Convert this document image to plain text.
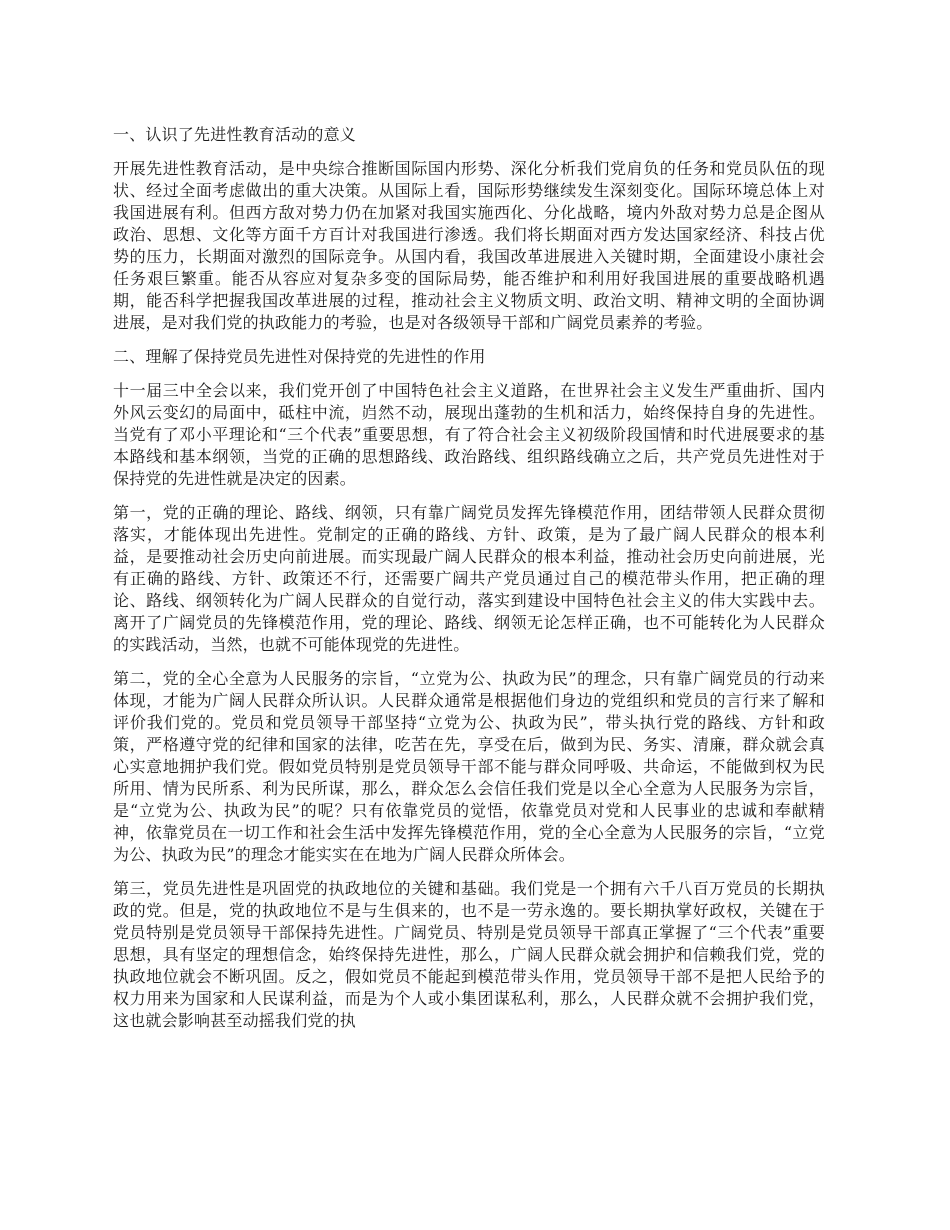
一、认识了先进性教育活动的意义

开展先进性教育活动，是中央综合推断国际国内形势、深化分析我们党肩负的任务和党员队伍的现状、经过全面考虑做出的重大决策。从国际上看，国际形势继续发生深刻变化。国际环境总体上对我国进展有利。但西方敌对势力仍在加紧对我国实施西化、分化战略，境内外敌对势力总是企图从政治、思想、文化等方面千方百计对我国进行渗透。我们将长期面对西方发达国家经济、科技占优势的压力，长期面对激烈的国际竞争。从国内看，我国改革进展进入关键时期，全面建设小康社会任务艰巨繁重。能否从容应对复杂多变的国际局势，能否维护和利用好我国进展的重要战略机遇期，能否科学把握我国改革进展的过程，推动社会主义物质文明、政治文明、精神文明的全面协调进展，是对我们党的执政能力的考验，也是对各级领导干部和广阔党员素养的考验。

二、理解了保持党员先进性对保持党的先进性的作用

十一届三中全会以来，我们党开创了中国特色社会主义道路，在世界社会主义发生严重曲折、国内外风云变幻的局面中，砥柱中流，岿然不动，展现出蓬勃的生机和活力，始终保持自身的先进性。当党有了邓小平理论和“三个代表”重要思想，有了符合社会主义初级阶段国情和时代进展要求的基本路线和基本纲领，当党的正确的思想路线、政治路线、组织路线确立之后，共产党员先进性对于保持党的先进性就是决定的因素。

第一，党的正确的理论、路线、纲领，只有靠广阔党员发挥先锋模范作用，团结带领人民群众贯彻落实，才能体现出先进性。党制定的正确的路线、方针、政策，是为了最广阔人民群众的根本利益，是要推动社会历史向前进展。而实现最广阔人民群众的根本利益，推动社会历史向前进展，光有正确的路线、方针、政策还不行，还需要广阔共产党员通过自己的模范带头作用，把正确的理论、路线、纲领转化为广阔人民群众的自觉行动，落实到建设中国特色社会主义的伟大实践中去。离开了广阔党员的先锋模范作用，党的理论、路线、纲领无论怎样正确，也不可能转化为人民群众的实践活动，当然，也就不可能体现党的先进性。

第二，党的全心全意为人民服务的宗旨，“立党为公、执政为民”的理念，只有靠广阔党员的行动来体现，才能为广阔人民群众所认识。人民群众通常是根据他们身边的党组织和党员的言行来了解和评价我们党的。党员和党员领导干部坚持“立党为公、执政为民”，带头执行党的路线、方针和政策，严格遵守党的纪律和国家的法律，吃苦在先，享受在后，做到为民、务实、清廉，群众就会真心实意地拥护我们党。假如党员特别是党员领导干部不能与群众同呼吸、共命运，不能做到权为民所用、情为民所系、利为民所谋，那么，群众怎么会信任我们党是以全心全意为人民服务为宗旨，是“立党为公、执政为民”的呢？只有依靠党员的觉悟，依靠党员对党和人民事业的忠诚和奉献精神，依靠党员在一切工作和社会生活中发挥先锋模范作用，党的全心全意为人民服务的宗旨，“立党为公、执政为民”的理念才能实实在在地为广阔人民群众所体会。

第三，党员先进性是巩固党的执政地位的关键和基础。我们党是一个拥有六千八百万党员的长期执政的党。但是，党的执政地位不是与生俱来的，也不是一劳永逸的。要长期执掌好政权，关键在于党员特别是党员领导干部保持先进性。广阔党员、特别是党员领导干部真正掌握了“三个代表”重要思想，具有坚定的理想信念，始终保持先进性，那么，广阔人民群众就会拥护和信赖我们党，党的执政地位就会不断巩固。反之，假如党员不能起到模范带头作用，党员领导干部不是把人民给予的权力用来为国家和人民谋利益，而是为个人或小集团谋私利，那么，人民群众就不会拥护我们党，这也就会影响甚至动摇我们党的执
